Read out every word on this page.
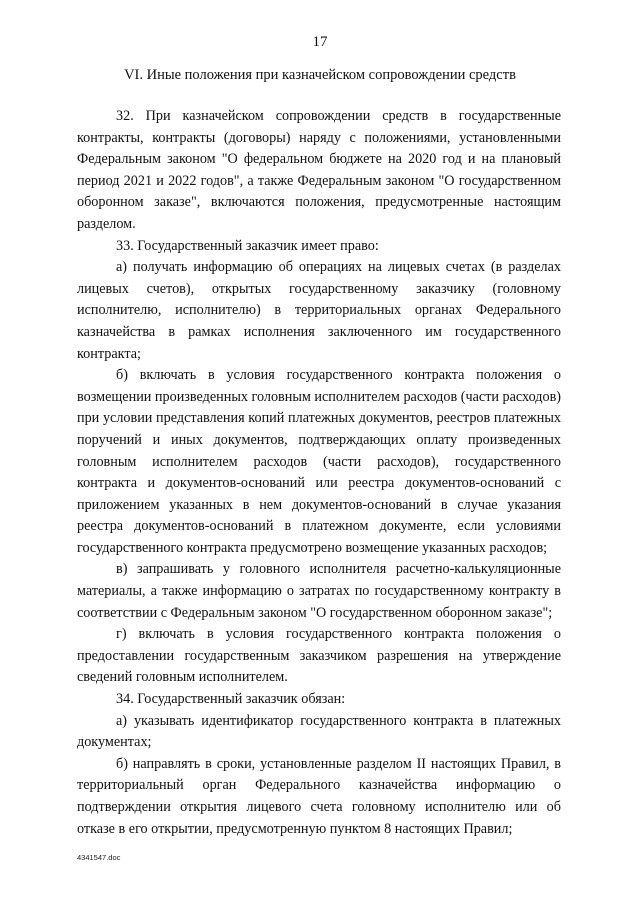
17
VI. Иные положения при казначейском сопровождении средств

32. При казначейском сопровождении средств в государственные контракты, контракты (договоры) наряду с положениями, установленными Федеральным законом "О федеральном бюджете на 2020 год и на плановый период 2021 и 2022 годов", а также Федеральным законом "О государственном оборонном заказе", включаются положения, предусмотренные настоящим разделом.

33. Государственный заказчик имеет право:

а) получать информацию об операциях на лицевых счетах (в разделах лицевых счетов), открытых государственному заказчику (головному исполнителю, исполнителю) в территориальных органах Федерального казначейства в рамках исполнения заключенного им государственного контракта;

б) включать в условия государственного контракта положения о возмещении произведенных головным исполнителем расходов (части расходов) при условии представления копий платежных документов, реестров платежных поручений и иных документов, подтверждающих оплату произведенных головным исполнителем расходов (части расходов), государственного контракта и документов-оснований или реестра документов-оснований с приложением указанных в нем документов-оснований в случае указания реестра документов-оснований в платежном документе, если условиями государственного контракта предусмотрено возмещение указанных расходов;

в) запрашивать у головного исполнителя расчетно-калькуляционные материалы, а также информацию о затратах по государственному контракту в соответствии с Федеральным законом "О государственном оборонном заказе";

г) включать в условия государственного контракта положения о предоставлении государственным заказчиком разрешения на утверждение сведений головным исполнителем.

34. Государственный заказчик обязан:

а) указывать идентификатор государственного контракта в платежных документах;

б) направлять в сроки, установленные разделом II настоящих Правил, в территориальный орган Федерального казначейства информацию о подтверждении открытия лицевого счета головному исполнителю или об отказе в его открытии, предусмотренную пунктом 8 настоящих Правил;

4341547.doc
